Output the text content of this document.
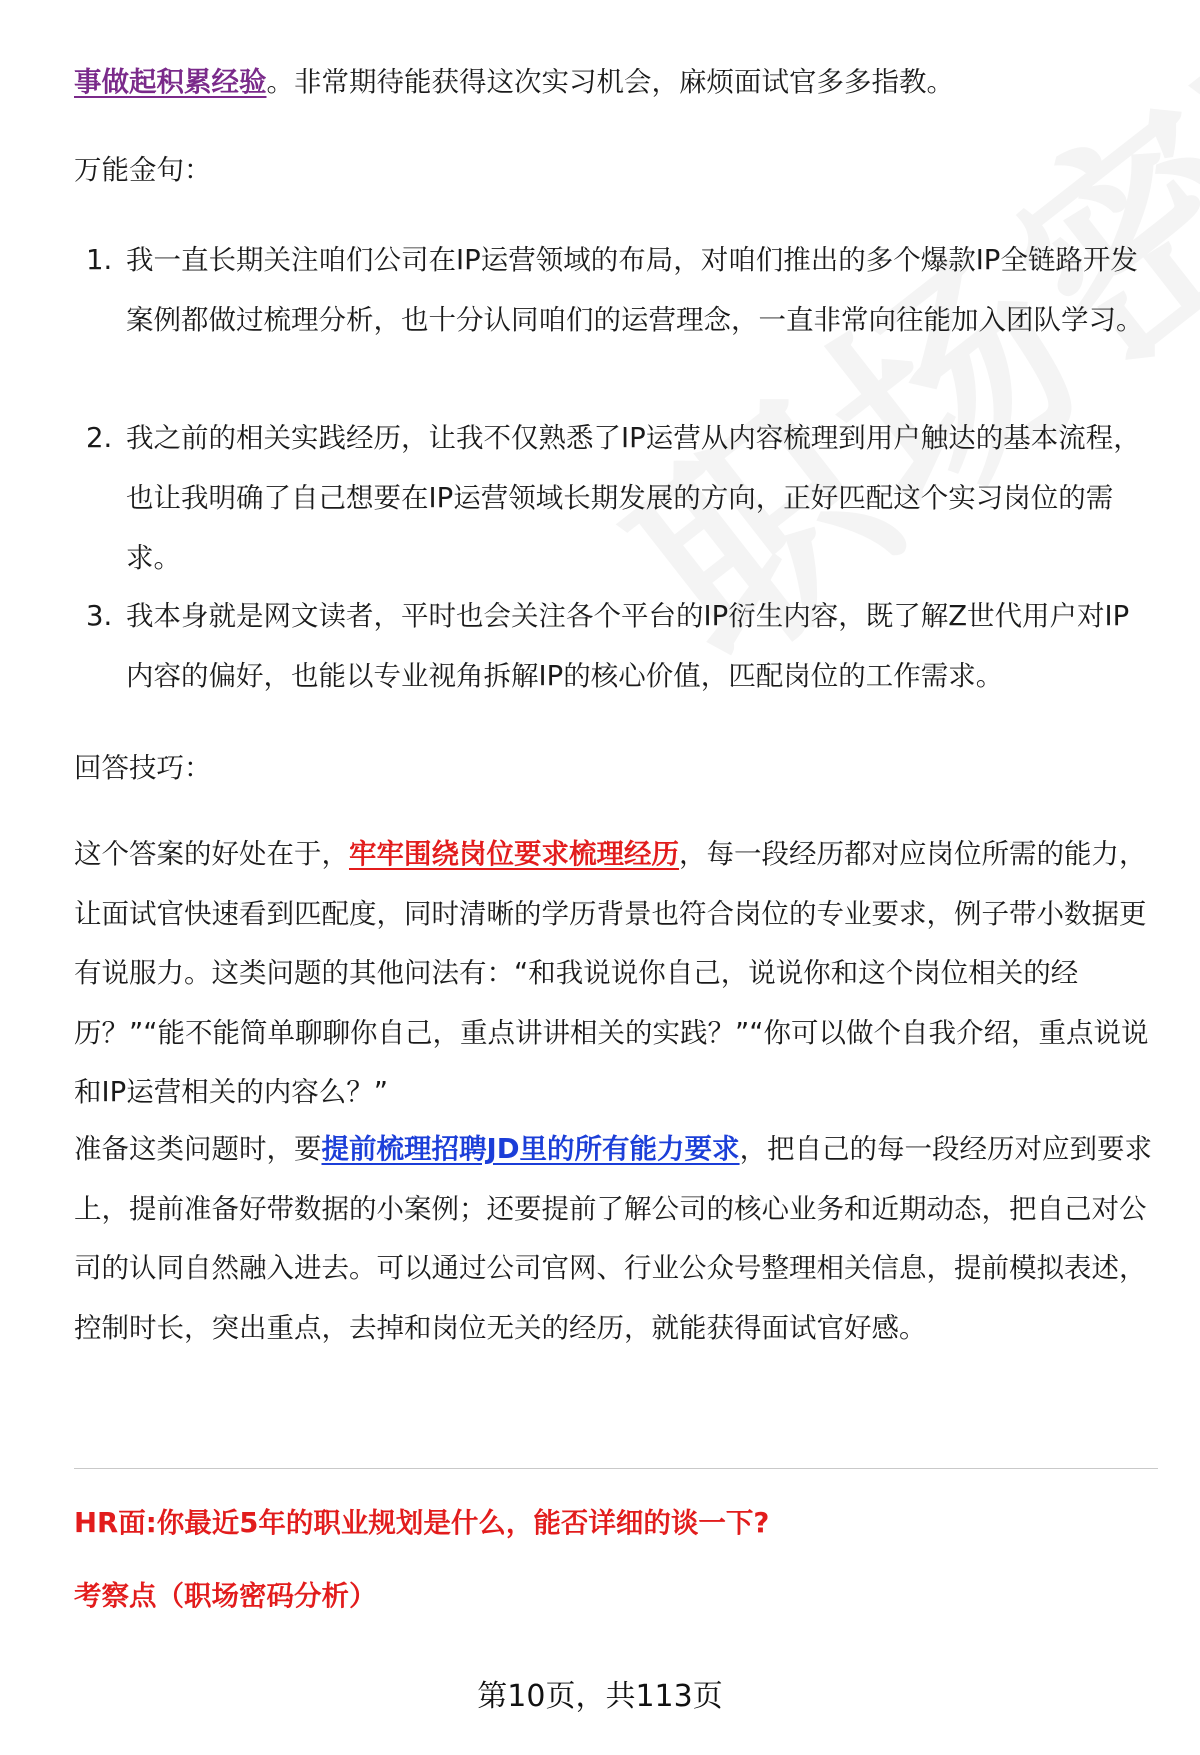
事做起积累经验。非常期待能获得这次实习机会，麻烦面试官多多指教。
万能金句：
1. 我一直长期关注咱们公司在IP运营领域的布局，对咱们推出的多个爆款IP全链路开发案例都做过梳理分析，也十分认同咱们的运营理念，一直非常向往能加入团队学习。
2. 我之前的相关实践经历，让我不仅熟悉了IP运营从内容梳理到用户触达的基本流程，也让我明确了自己想要在IP运营领域长期发展的方向，正好匹配这个实习岗位的需求。
3. 我本身就是网文读者，平时也会关注各个平台的IP衍生内容，既了解Z世代用户对IP内容的偏好，也能以专业视角拆解IP的核心价值，匹配岗位的工作需求。
回答技巧：
这个答案的好处在于，牢牢围绕岗位要求梳理经历，每一段经历都对应岗位所需的能力，让面试官快速看到匹配度，同时清晰的学历背景也符合岗位的专业要求，例子带小数据更有说服力。这类问题的其他问法有：“和我说说你自己，说说你和这个岗位相关的经历？”“能不能简单聊聊你自己，重点讲讲相关的实践？”“你可以做个自我介绍，重点说说和IP运营相关的内容么？”
准备这类问题时，要提前梳理招聘JD里的所有能力要求，把自己的每一段经历对应到要求上，提前准备好带数据的小案例；还要提前了解公司的核心业务和近期动态，把自己对公司的认同自然融入进去。可以通过公司官网、行业公众号整理相关信息，提前模拟表述，控制时长，突出重点，去掉和岗位无关的经历，就能获得面试官好感。
HR面:你最近5年的职业规划是什么，能否详细的谈一下?
考察点（职场密码分析）
第10页，共113页
